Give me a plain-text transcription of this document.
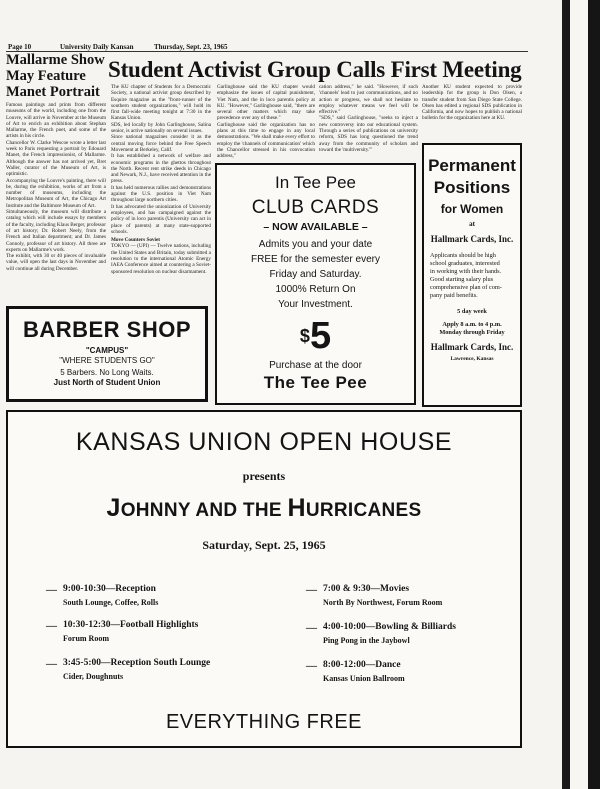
Page 10	University Daily Kansan	Thursday, Sept. 23, 1965
Mallarme Show
May Feature
Manet Portrait
Student Activist Group Calls First Meeting

Famous paintings and prints from different museums of the world, including one from the Louvre, will arrive in November at the Museum of Art to enrich an exhibition about Stephan Mallarme, the French poet, and some of the artists in his circle.

Chancellor W. Clarke Wescoe wrote a letter last week to Paris requesting a portrait by Edouard Manet, the French impressionist, of Mallarme. Although the answer has not arrived yet, Bret Waller, curator of the Museum of Art, is optimistic.

Accompanying the Louvre's painting, there will be, during the exhibition, works of art from a number of museums, including the Metropolitan Museum of Art, the Chicago Art Institute and the Baltimore Museum of Art.

Simultaneously, the museum will distribute a catalog which will include essays by members of the faculty, including Klaus Berger, professor of art history; Dr. Robert Neely, from the French and Italian department; and Dr. James Connoly, professor of art history. All three are experts on Mallarme's work.

The exhibit, with 30 or 40 pieces of invaluable value, will open the last days in November and will continue all during December.

The KU chapter of Students for a Democratic Society, a national activist group described by Esquire magazine as the "front-runner of the southern student organizations," will hold its first fall-wide meeting tonight at 7:30 in the Kansas Union.

SDS, led locally by John Garlinghouse, Salina senior, is active nationally on several issues.

Since national magazines consider it as the central moving force behind the Free Speech Movement at Berkeley, Calif.

It has established a network of welfare and economic programs in the ghettos throughout the North. Recent rent strike deeds in Chicago and Newark, N.J., have received attention in the press.

It has held numerous rallies and demonstrations against the U.S. position in Viet Nam throughout large northern cities.

It has advocated the unionization of University employees, and has campaigned against the policy of in loco parentis (University can act in place of parents) at many state-supported schools.

Move Counters Soviet

TOKYO — (UPI) — Twelve nations, including the United States and Britain, today submitted a resolution to the international Atomic Energy IAEA Conference aimed at countering a Soviet-sponsored resolution on nuclear disarmament.

Garlinghouse said the KU chapter would emphasize the issues of capital punishment, Viet Nam, and the in loco parentis policy at KU. "However," Garlinghouse said, "there are several other matters which may take precedence over any of these."

Garlinghouse said the organization has no plans at this time to engage in any local demonstrations. "We shall make every effort to employ the 'channels of communication' which the Chancellor stressed in his convocation address,"

cation address," he said. "However, if such 'channels' lead to just communications, and no action or progress, we shall not hesitate to employ whatever means we feel will be effective."

"SDS," said Garlinghouse, "seeks to inject a new controversy into our educational system. Through a series of publications on university reform, SDS has long questioned the trend away from the community of scholars and toward the 'multiversity.'"

Another KU student expected to provide leadership for the group is Don Olsen, a transfer student from San Diego State College. Olsen has edited a regional SDS publication in California, and now hopes to publish a national bulletin for the organization here at KU.

BARBER SHOP
"CAMPUS"
"WHERE STUDENTS GO"
5 Barbers. No Long Waits.
Just North of Student Union
In Tee Pee
CLUB CARDS
– NOW AVAILABLE –
Admits you and your date
FREE for the semester every
Friday and Saturday.
1000% Return On
Your Investment.
$5
Purchase at the door
The Tee Pee
Permanent
Positions
for Women
at
Hallmark Cards, Inc.
Applicants should be high
school graduates, interested
in working with their hands.
Good starting salary plus
comprehensive plan of com-
pany paid benefits.
5 day week
Apply 8 a.m. to 4 p.m.
Monday through Friday
Hallmark Cards, Inc.
Lawrence, Kansas
KANSAS UNION OPEN HOUSE
presents
JOHNNY AND THE HURRICANES
Saturday, Sept. 25, 1965
— 9:00-10:30—Reception
South Lounge, Coffee, Rolls
— 10:30-12:30—Football Highlights
Forum Room
— 3:45-5:00—Reception South Lounge
Cider, Doughnuts
— 7:00 & 9:30—Movies
North By Northwest, Forum Room
— 4:00-10:00—Bowling & Billiards
Ping Pong in the Jaybowl
— 8:00-12:00—Dance
Kansas Union Ballroom
EVERYTHING FREE
